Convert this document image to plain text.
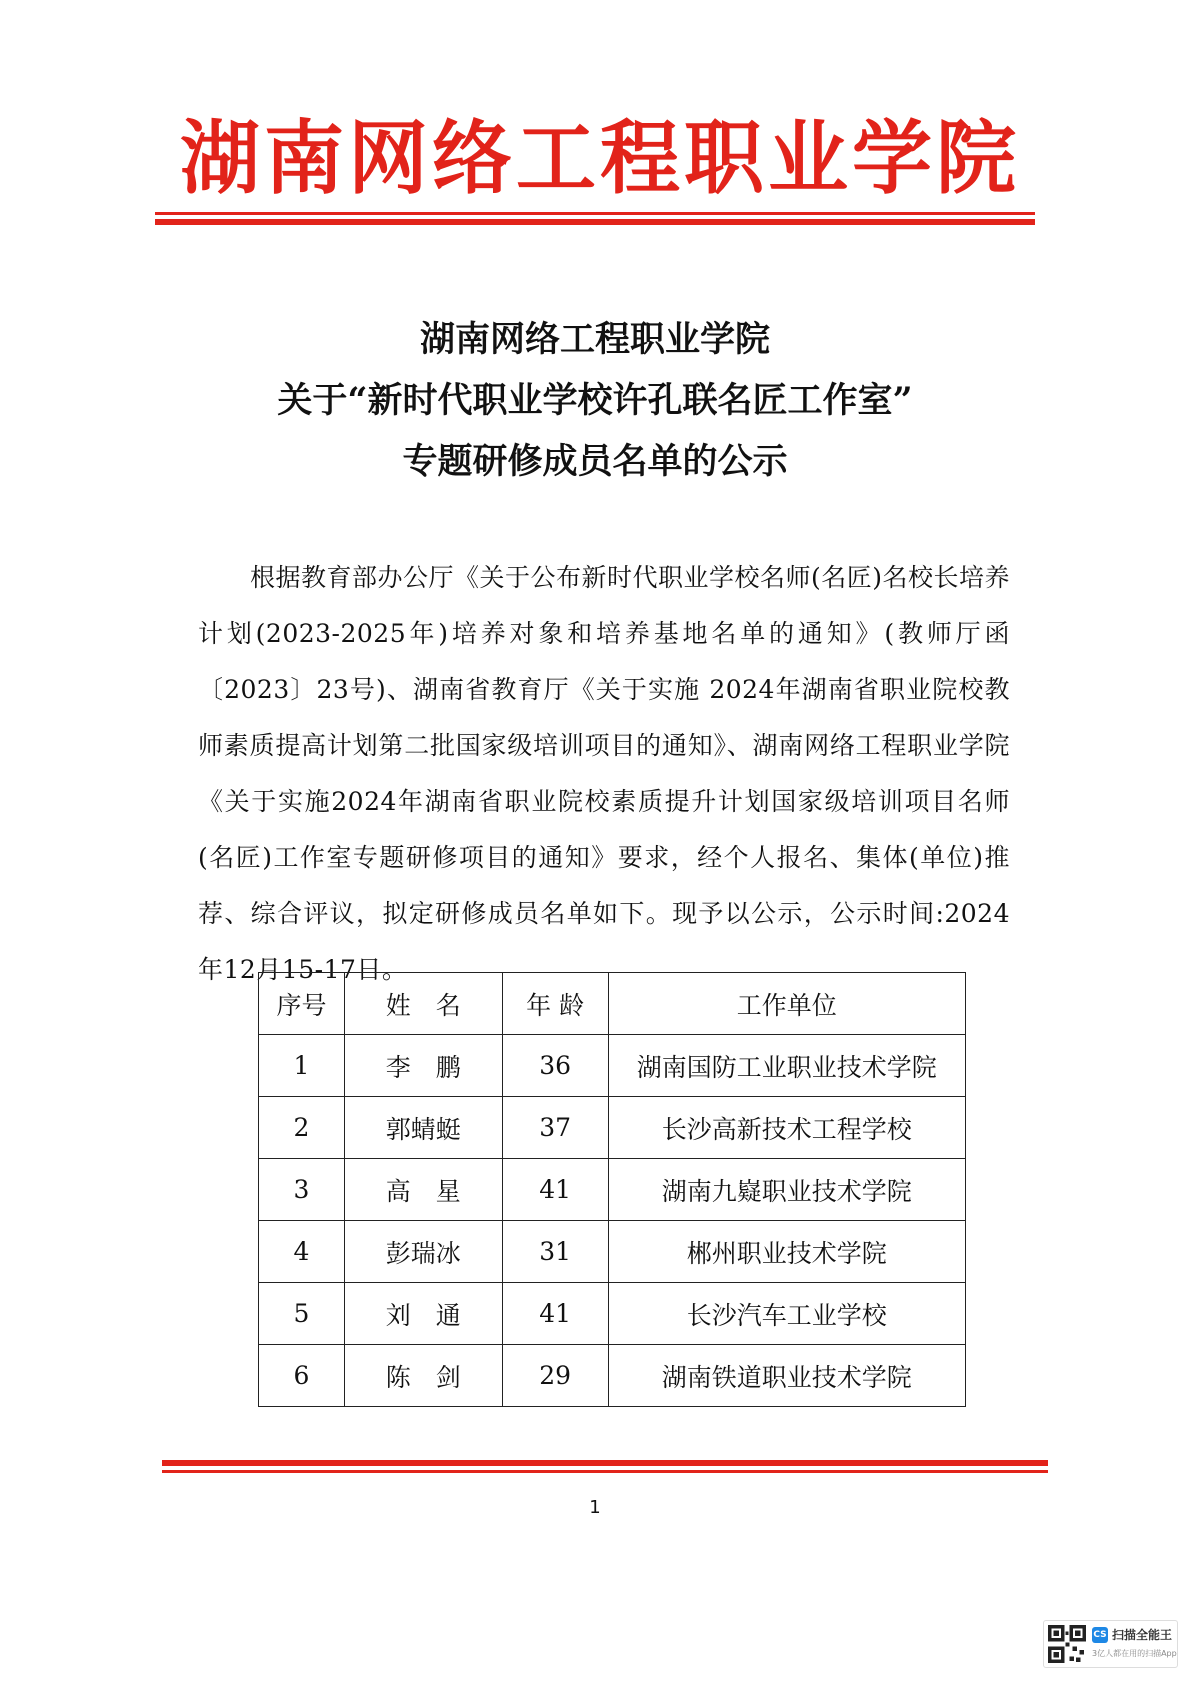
湖南网络工程职业学院
湖南网络工程职业学院
关于“新时代职业学校许孔联名匠工作室”
专题研修成员名单的公示

根据教育部办公厅《关于公布新时代职业学校名师(名匠)名校长培养计划(2023-2025年)培养对象和培养基地名单的通知》(教师厅函〔2023〕23号)、湖南省教育厅《关于实施 2024年湖南省职业院校教师素质提高计划第二批国家级培训项目的通知》、湖南网络工程职业学院《关于实施2024年湖南省职业院校素质提升计划国家级培训项目名师(名匠)工作室专题研修项目的通知》要求，经个人报名、集体(单位)推荐、综合评议，拟定研修成员名单如下。现予以公示，公示时间:2024年12月15-17日。

序号	姓　名	年 龄	工作单位
1	李　鹏	36	湖南国防工业职业技术学院
2	郭蜻蜓	37	长沙高新技术工程学校
3	高　星	41	湖南九嶷职业技术学院
4	彭瑞冰	31	郴州职业技术学院
5	刘　通	41	长沙汽车工业学校
6	陈　剑	29	湖南铁道职业技术学院
1
CS 扫描全能王
3亿人都在用的扫描App
